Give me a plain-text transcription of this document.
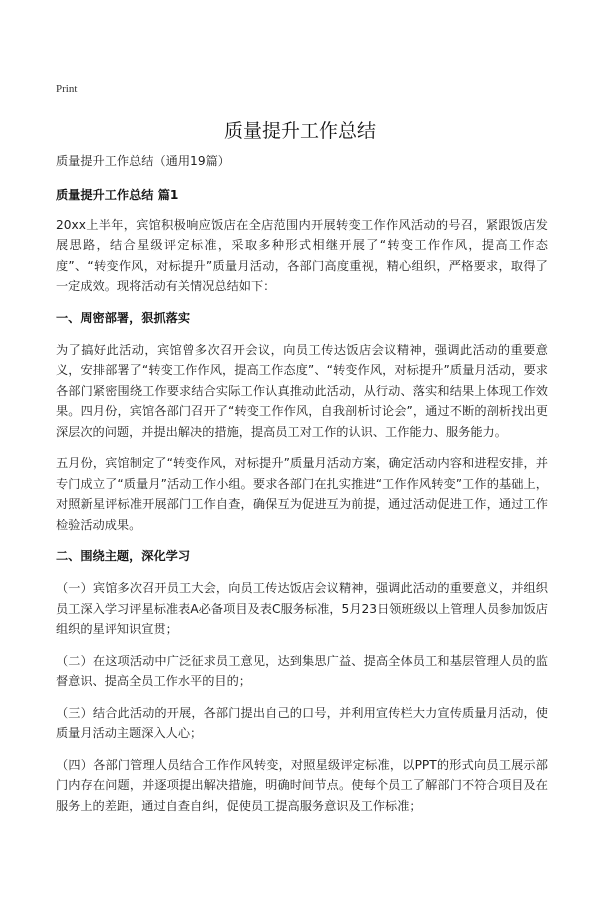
Print
质量提升工作总结

质量提升工作总结（通用19篇）

质量提升工作总结 篇1

20xx上半年，宾馆积极响应饭店在全店范围内开展转变工作作风活动的号召，紧跟饭店发展思路，结合星级评定标准，采取多种形式相继开展了“转变工作作风，提高工作态度”、“转变作风，对标提升”质量月活动，各部门高度重视，精心组织，严格要求，取得了一定成效。现将活动有关情况总结如下：

一、周密部署，狠抓落实

为了搞好此活动，宾馆曾多次召开会议，向员工传达饭店会议精神，强调此活动的重要意义，安排部署了“转变工作作风，提高工作态度”、“转变作风，对标提升”质量月活动，要求各部门紧密围绕工作要求结合实际工作认真推动此活动，从行动、落实和结果上体现工作效果。四月份，宾馆各部门召开了“转变工作作风，自我剖析讨论会”，通过不断的剖析找出更深层次的问题，并提出解决的措施，提高员工对工作的认识、工作能力、服务能力。

五月份，宾馆制定了“转变作风，对标提升”质量月活动方案，确定活动内容和进程安排，并专门成立了“质量月”活动工作小组。要求各部门在扎实推进“工作作风转变”工作的基础上，对照新星评标准开展部门工作自查，确保互为促进互为前提，通过活动促进工作，通过工作检验活动成果。

二、围绕主题，深化学习

（一）宾馆多次召开员工大会，向员工传达饭店会议精神，强调此活动的重要意义，并组织员工深入学习评星标准表A必备项目及表C服务标准，5月23日领班级以上管理人员参加饭店组织的星评知识宣贯；

（二）在这项活动中广泛征求员工意见，达到集思广益、提高全体员工和基层管理人员的监督意识、提高全员工作水平的目的；

（三）结合此活动的开展，各部门提出自己的口号，并利用宣传栏大力宣传质量月活动，使质量月活动主题深入人心；

（四）各部门管理人员结合工作作风转变，对照星级评定标准，以PPT的形式向员工展示部门内存在问题，并逐项提出解决措施，明确时间节点。使每个员工了解部门不符合项目及在服务上的差距，通过自查自纠，促使员工提高服务意识及工作标准；
